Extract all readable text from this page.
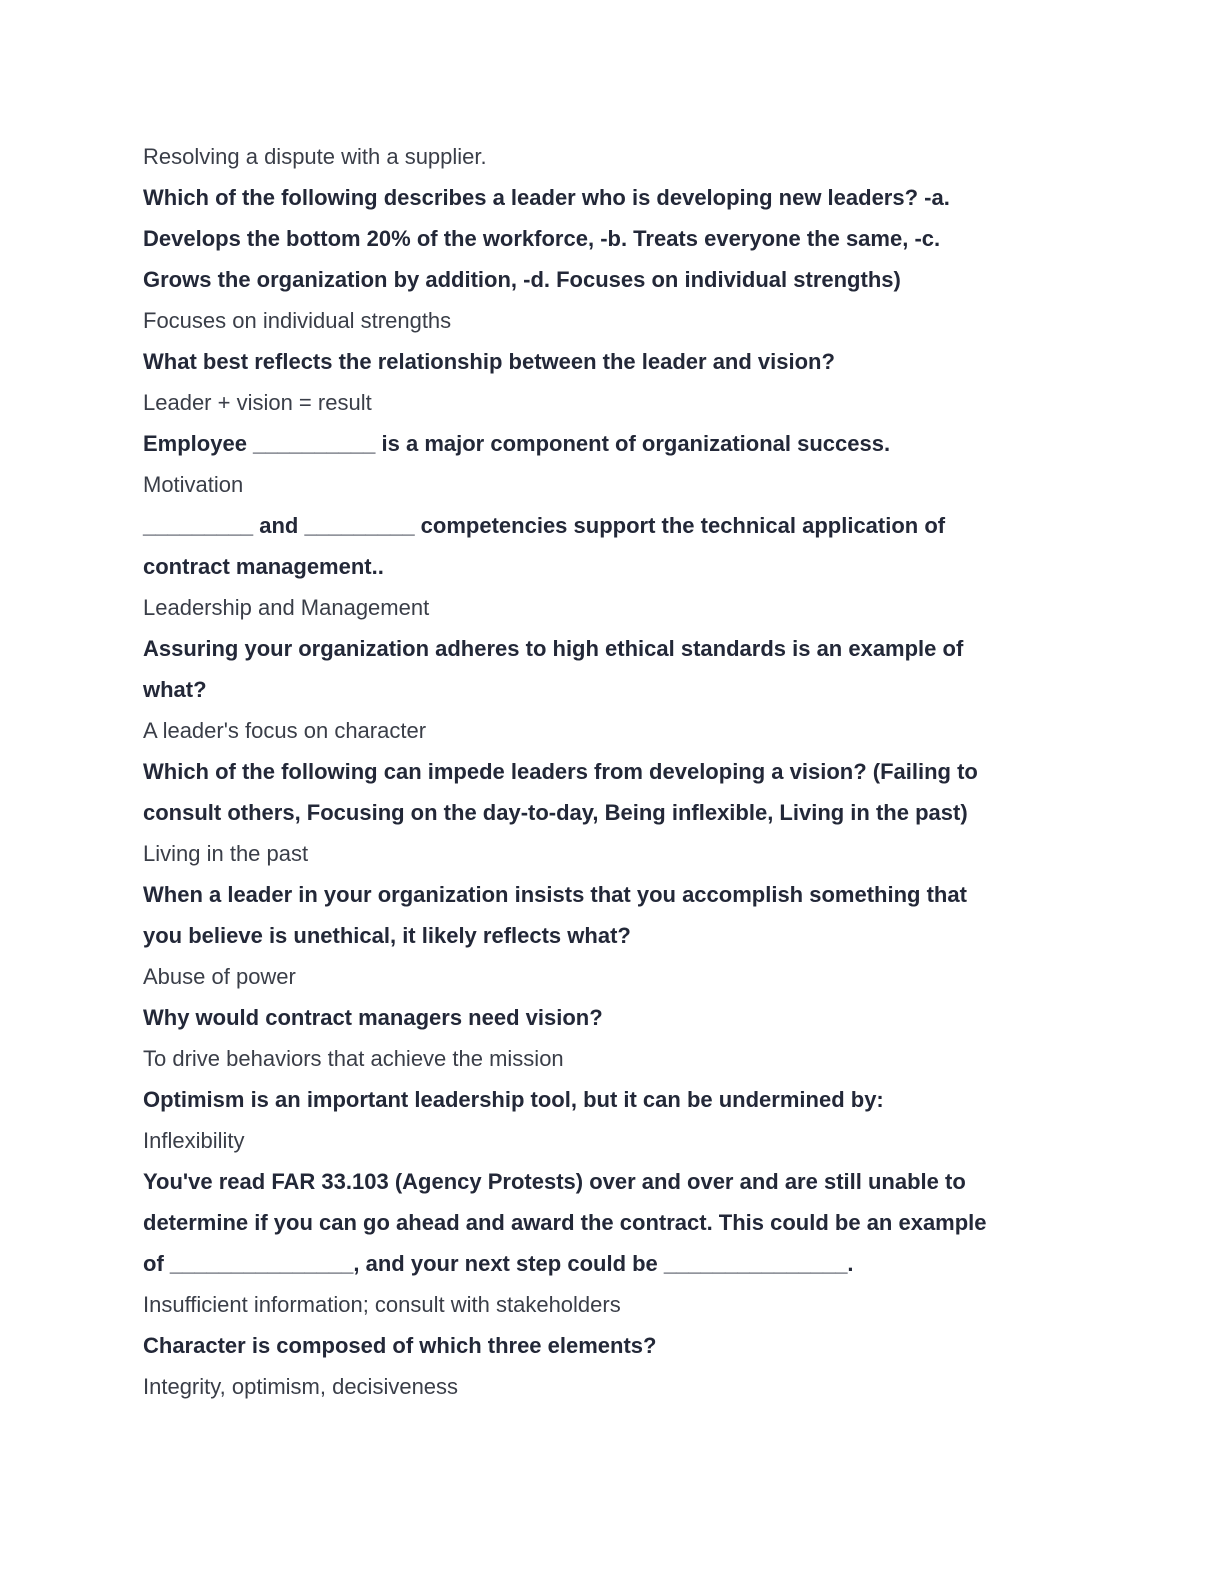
Resolving a dispute with a supplier.

Which of the following describes a leader who is developing new leaders? -a.

Develops the bottom 20% of the workforce, -b. Treats everyone the same, -c.

Grows the organization by addition, -d. Focuses on individual strengths)

Focuses on individual strengths

What best reflects the relationship between the leader and vision?

Leader + vision = result

Employee __________ is a major component of organizational success.

Motivation

_________ and _________ competencies support the technical application of

contract management..

Leadership and Management

Assuring your organization adheres to high ethical standards is an example of

what?

A leader's focus on character

Which of the following can impede leaders from developing a vision? (Failing to

consult others, Focusing on the day-to-day, Being inflexible, Living in the past)

Living in the past

When a leader in your organization insists that you accomplish something that

you believe is unethical, it likely reflects what?

Abuse of power

Why would contract managers need vision?

To drive behaviors that achieve the mission

Optimism is an important leadership tool, but it can be undermined by:

Inflexibility

You've read FAR 33.103 (Agency Protests) over and over and are still unable to

determine if you can go ahead and award the contract. This could be an example

of _______________, and your next step could be _______________.

Insufficient information; consult with stakeholders

Character is composed of which three elements?

Integrity, optimism, decisiveness
